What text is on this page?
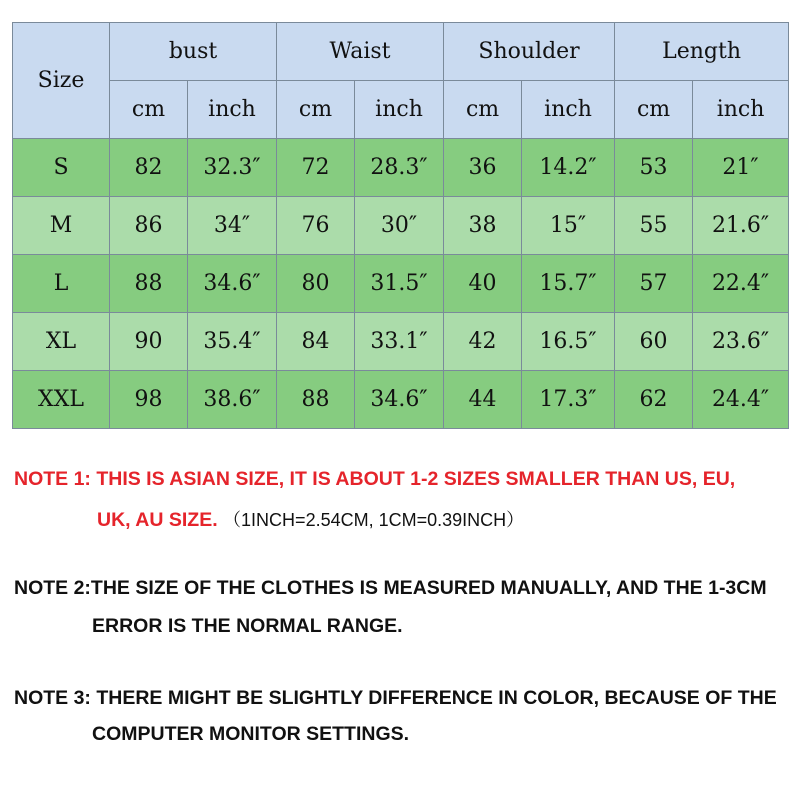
Size	bust		Waist		Shoulder		Length	
	cm	inch	cm	inch	cm	inch	cm	inch
S	82	32.3″	72	28.3″	36	14.2″	53	21″
M	86	34″	76	30″	38	15″	55	21.6″
L	88	34.6″	80	31.5″	40	15.7″	57	22.4″
XL	90	35.4″	84	33.1″	42	16.5″	60	23.6″
XXL	98	38.6″	88	34.6″	44	17.3″	62	24.4″
NOTE 1: THIS IS ASIAN SIZE, IT IS ABOUT 1-2 SIZES SMALLER THAN US, EU,
UK, AU SIZE. （1INCH=2.54CM, 1CM=0.39INCH）
NOTE 2:THE SIZE OF THE CLOTHES IS MEASURED MANUALLY, AND THE 1-3CM
ERROR IS THE NORMAL RANGE.
NOTE 3: THERE MIGHT BE SLIGHTLY DIFFERENCE IN COLOR, BECAUSE OF THE
COMPUTER MONITOR SETTINGS.
